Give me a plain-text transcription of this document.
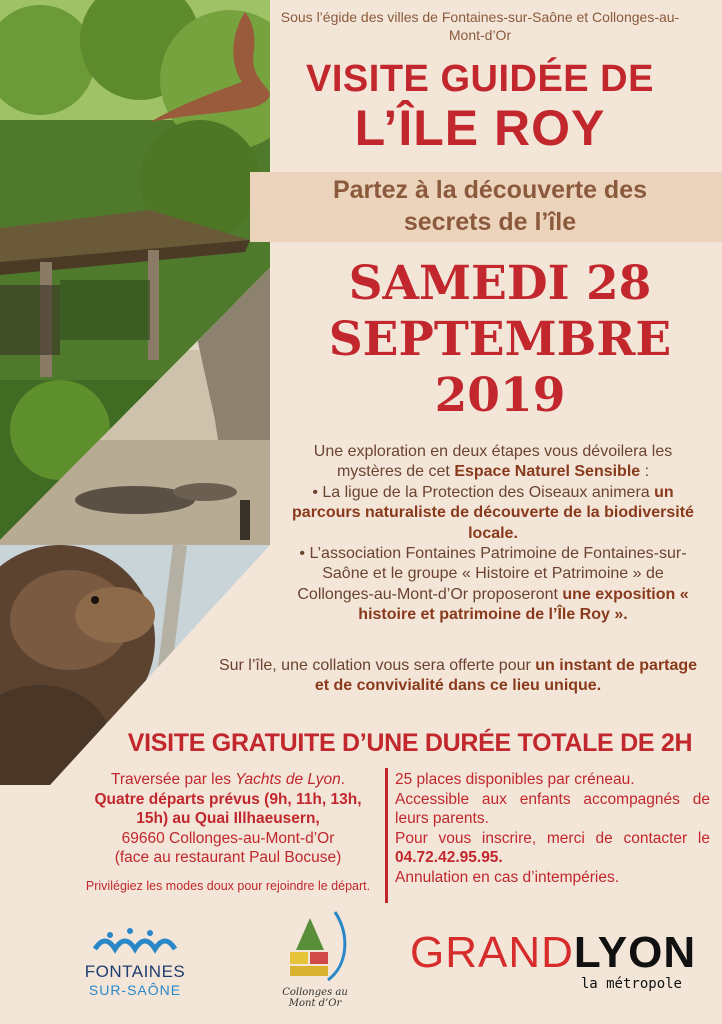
Sous l’égide des villes de Fontaines-sur-Saône et Collonges-au-Mont-d’Or
VISITE GUIDÉE DE
L’ÎLE ROY
Partez à la découverte des
secrets de l’île
SAMEDI 28
SEPTEMBRE
2019
Une exploration en deux étapes vous dévoilera les mystères de cet Espace Naturel Sensible :
• La ligue de la Protection des Oiseaux animera un parcours naturaliste de découverte de la biodiversité locale.
• L’association Fontaines Patrimoine de Fontaines-sur-Saône et le groupe « Histoire et Patrimoine » de Collonges-au-Mont-d’Or proposeront une exposition « histoire et patrimoine de l’Île Roy ».
Sur l’île, une collation vous sera offerte pour un instant de partage et de convivialité dans ce lieu unique.
VISITE GRATUITE D’UNE DURÉE TOTALE DE 2H
Traversée par les Yachts de Lyon.
Quatre départs prévus (9h, 11h, 13h, 15h) au Quai Illhaeusern,
69660 Collonges-au-Mont-d’Or
(face au restaurant Paul Bocuse)
Privilégiez les modes doux pour rejoindre le départ.
25 places disponibles par créneau.
Accessible aux enfants accompagnés de leurs parents.
Pour vous inscrire, merci de contacter le 04.72.42.95.95.
Annulation en cas d’intempéries.
FONTAINES
SUR-SAÔNE	Collonges au Mont d’Or
GRANDLYON
la métropole
